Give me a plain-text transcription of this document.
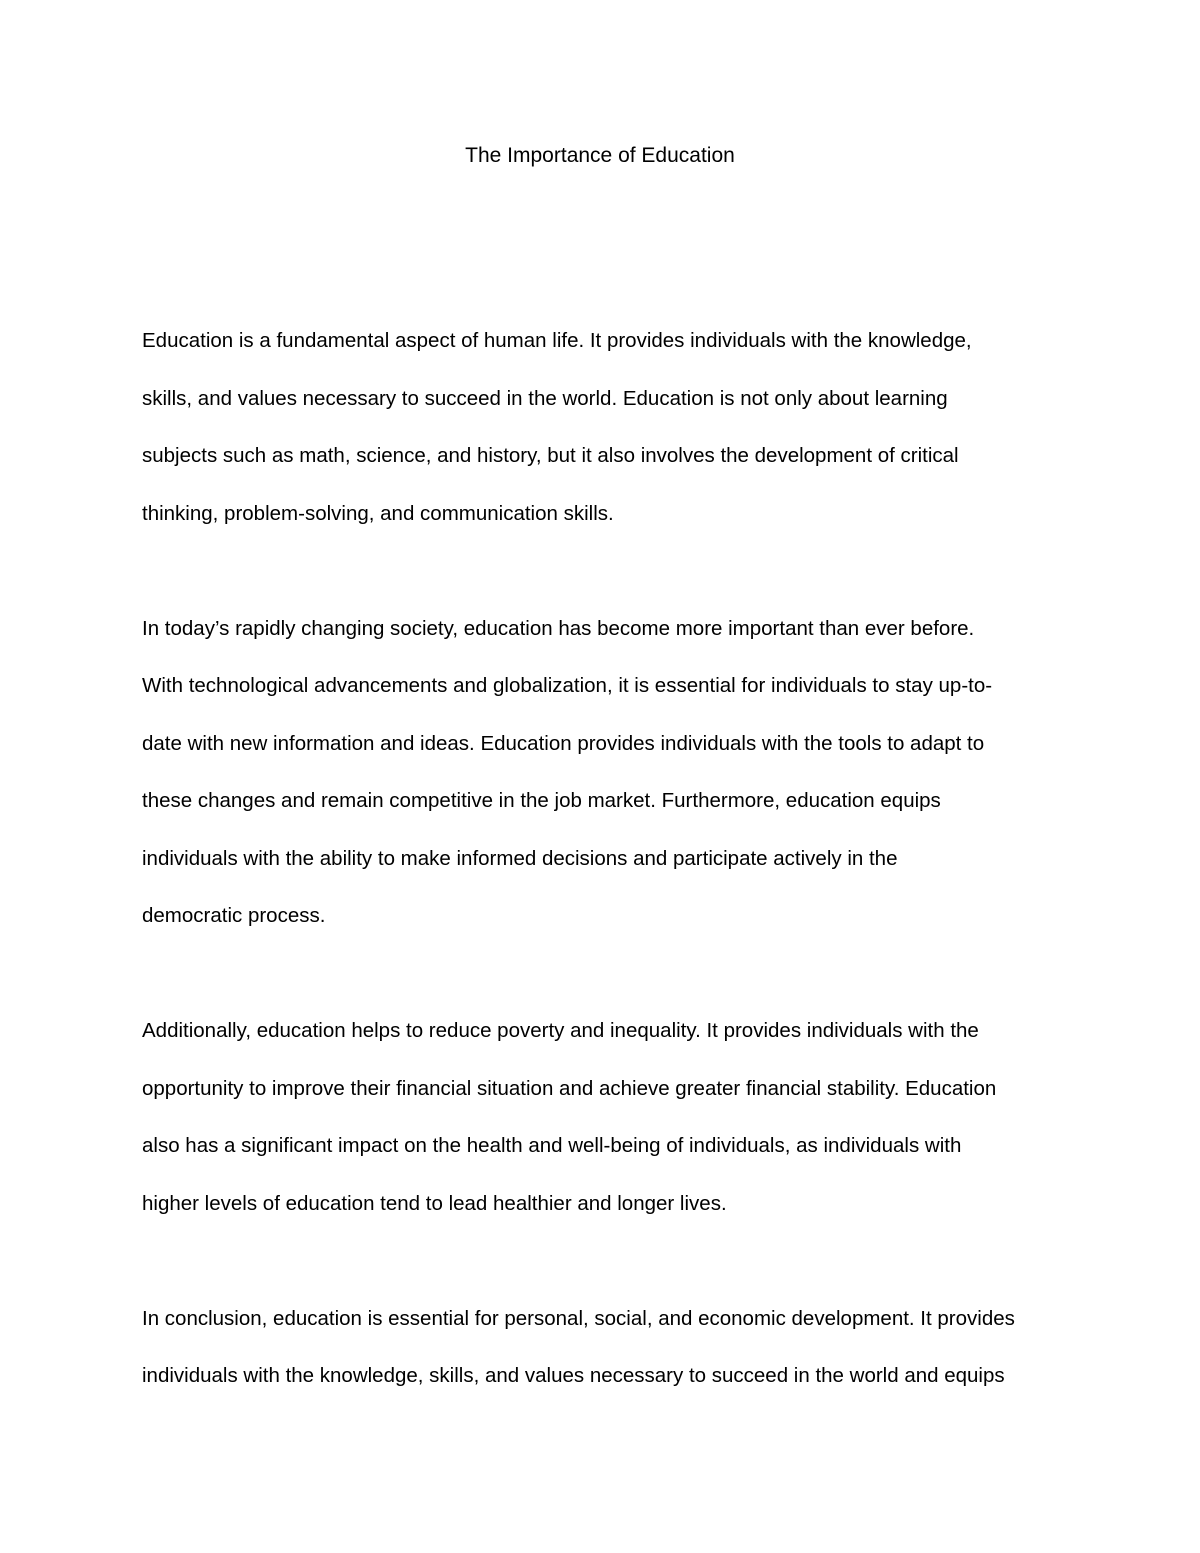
The Importance of Education
Education is a fundamental aspect of human life. It provides individuals with the knowledge,
skills, and values necessary to succeed in the world. Education is not only about learning
subjects such as math, science, and history, but it also involves the development of critical
thinking, problem-solving, and communication skills.
In today’s rapidly changing society, education has become more important than ever before.
With technological advancements and globalization, it is essential for individuals to stay up-to-
date with new information and ideas. Education provides individuals with the tools to adapt to
these changes and remain competitive in the job market. Furthermore, education equips
individuals with the ability to make informed decisions and participate actively in the
democratic process.
Additionally, education helps to reduce poverty and inequality. It provides individuals with the
opportunity to improve their financial situation and achieve greater financial stability. Education
also has a significant impact on the health and well-being of individuals, as individuals with
higher levels of education tend to lead healthier and longer lives.
In conclusion, education is essential for personal, social, and economic development. It provides
individuals with the knowledge, skills, and values necessary to succeed in the world and equips
